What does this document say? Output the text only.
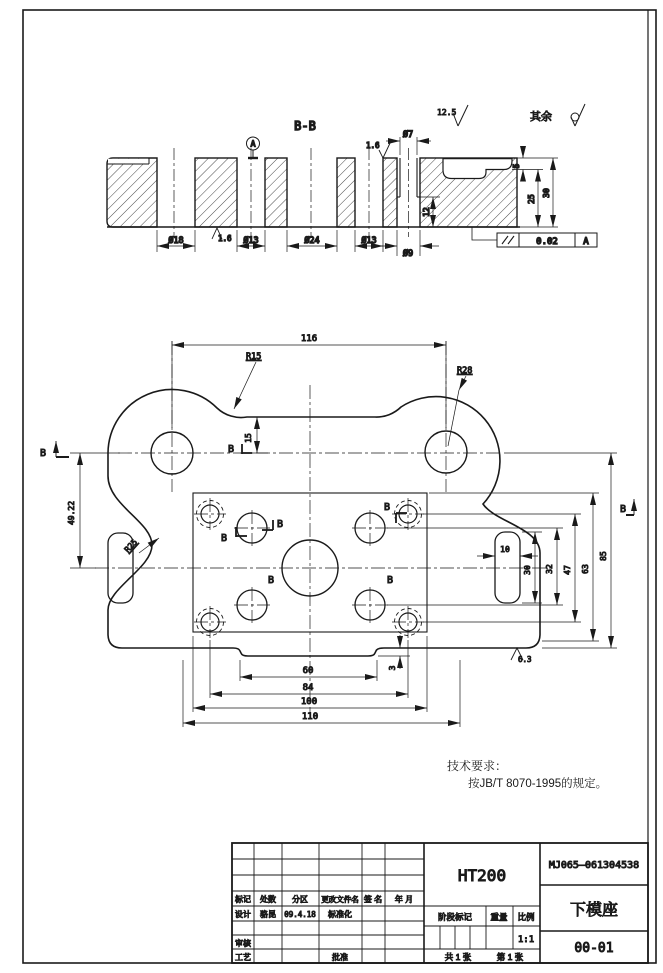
B-B
A	1.6
Ø7
12
Ø18	Ø13	Ø24	Ø13
Ø9
1.6
5
25
30
0.02	A
12.5	其余
116
R15
R28
15
49.22
R25	10
3
60
84
100
110
30 32 47 63
85
6.3
B	B
B
B
B	B
B	B
技术要求：
按JB/T 8070-1995的规定。
HT200
MJ065—061304538
下模座
00-01
标记 处数 分区 更改文件名 签 名 年 月
设计 骆昆 09.4.18 标准化
审核
工艺	批准
阶段标记 重量 比例
1:1
共 1 张	第 1 张
